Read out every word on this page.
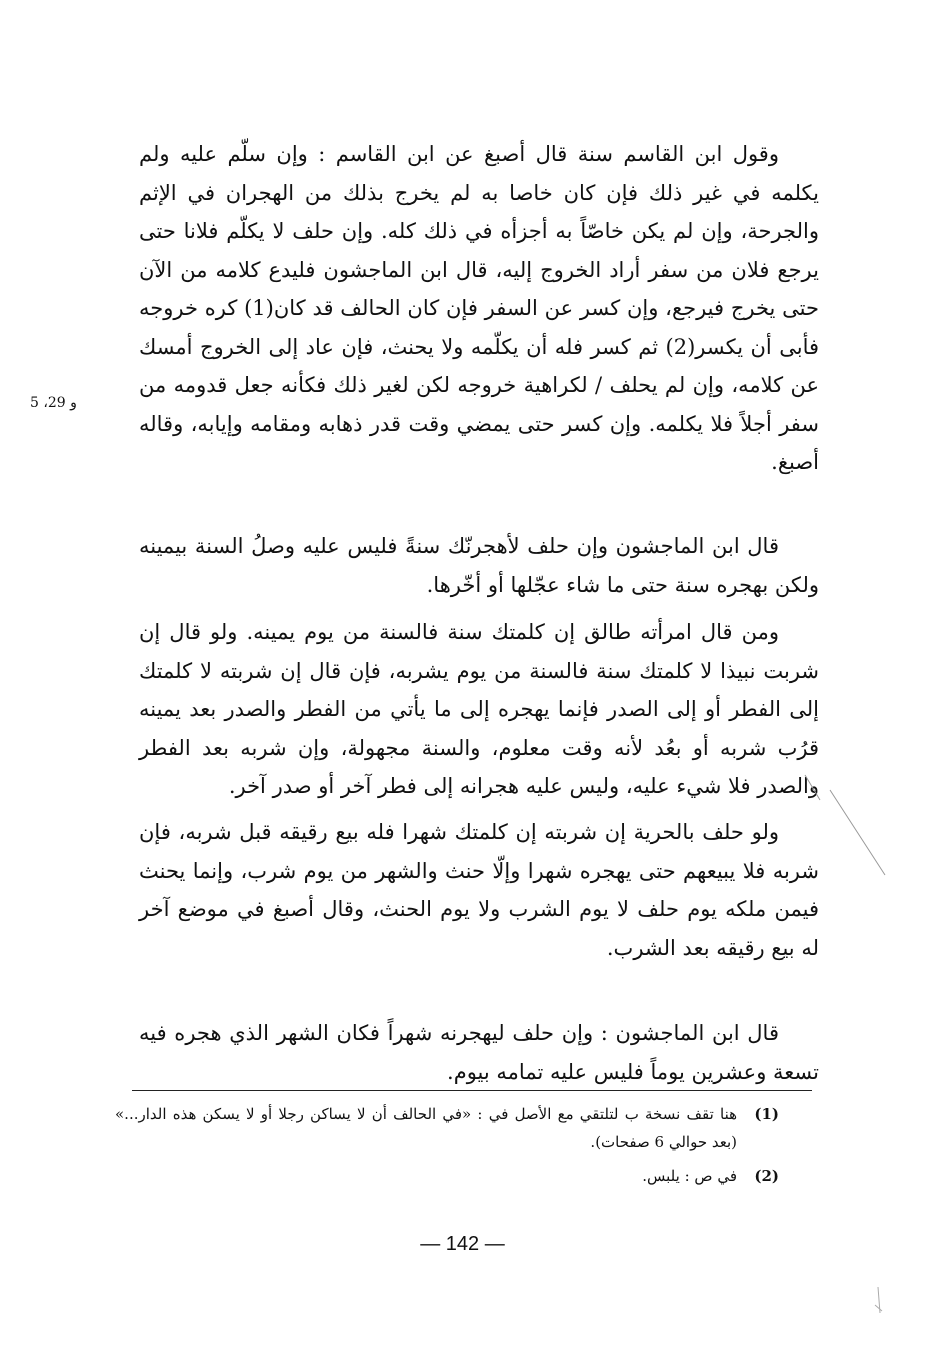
وقول ابن القاسم سنة قال أصبغ عن ابن القاسم : وإن سلّم عليه ولم يكلمه في غير ذلك فإن كان خاصا به لم يخرج بذلك من الهجران في الإثم والجرحة، وإن لم يكن خاصّاً به أجزأه في ذلك كله. وإن حلف لا يكلّم فلانا حتى يرجع فلان من سفر أراد الخروج إليه، قال ابن الماجشون فليدع كلامه من الآن حتى يخرج فيرجع، وإن كسر عن السفر فإن كان الحالف قد كان(1) كره خروجه فأبى أن يكسر(2) ثم كسر فله أن يكلّمه ولا يحنث، فإن عاد إلى الخروج أمسك عن كلامه، وإن لم يحلف / لكراهية خروجه لكن لغير ذلك فكأنه جعل قدومه من سفر أجلاً فلا يكلمه. وإن كسر حتى يمضي وقت قدر ذهابه ومقامه وإيابه، وقاله أصبغ.

5 ،29 و

قال ابن الماجشون وإن حلف لأهجرنّك سنةً فليس عليه وصلُ السنة بيمينه ولكن بهجره سنة حتى ما شاء عجّلها أو أخّرها.

ومن قال امرأته طالق إن كلمتك سنة فالسنة من يوم يمينه. ولو قال إن شربت نبيذا لا كلمتك سنة فالسنة من يوم يشربه، فإن قال إن شربته لا كلمتك إلى الفطر أو إلى الصدر فإنما يهجره إلى ما يأتي من الفطر والصدر بعد يمينه قرُب شربه أو بعُد لأنه وقت معلوم، والسنة مجهولة، وإن شربه بعد الفطر والصدر فلا شيء عليه، وليس عليه هجرانه إلى فطر آخر أو صدر آخر.

ولو حلف بالحرية إن شربته إن كلمتك شهرا فله بيع رقيقه قبل شربه، فإن شربه فلا يبيعهم حتى يهجره شهرا وإلّا حنث والشهر من يوم شرب، وإنما يحنث فيمن ملكه يوم حلف لا يوم الشرب ولا يوم الحنث، وقال أصبغ في موضع آخر له بيع رقيقه بعد الشرب.

قال ابن الماجشون : وإن حلف ليهجرنه شهراً فكان الشهر الذي هجره فيه تسعة وعشرين يوماً فليس عليه تمامه بيوم.

(1)
هنا تقف نسخة ب لتلتقي مع الأصل في : «في الحالف أن لا يساكن رجلا أو لا يسكن هذه الدار...» (بعد حوالي 6 صفحات).
(2)
في ص : يلبس.
— 142 —
